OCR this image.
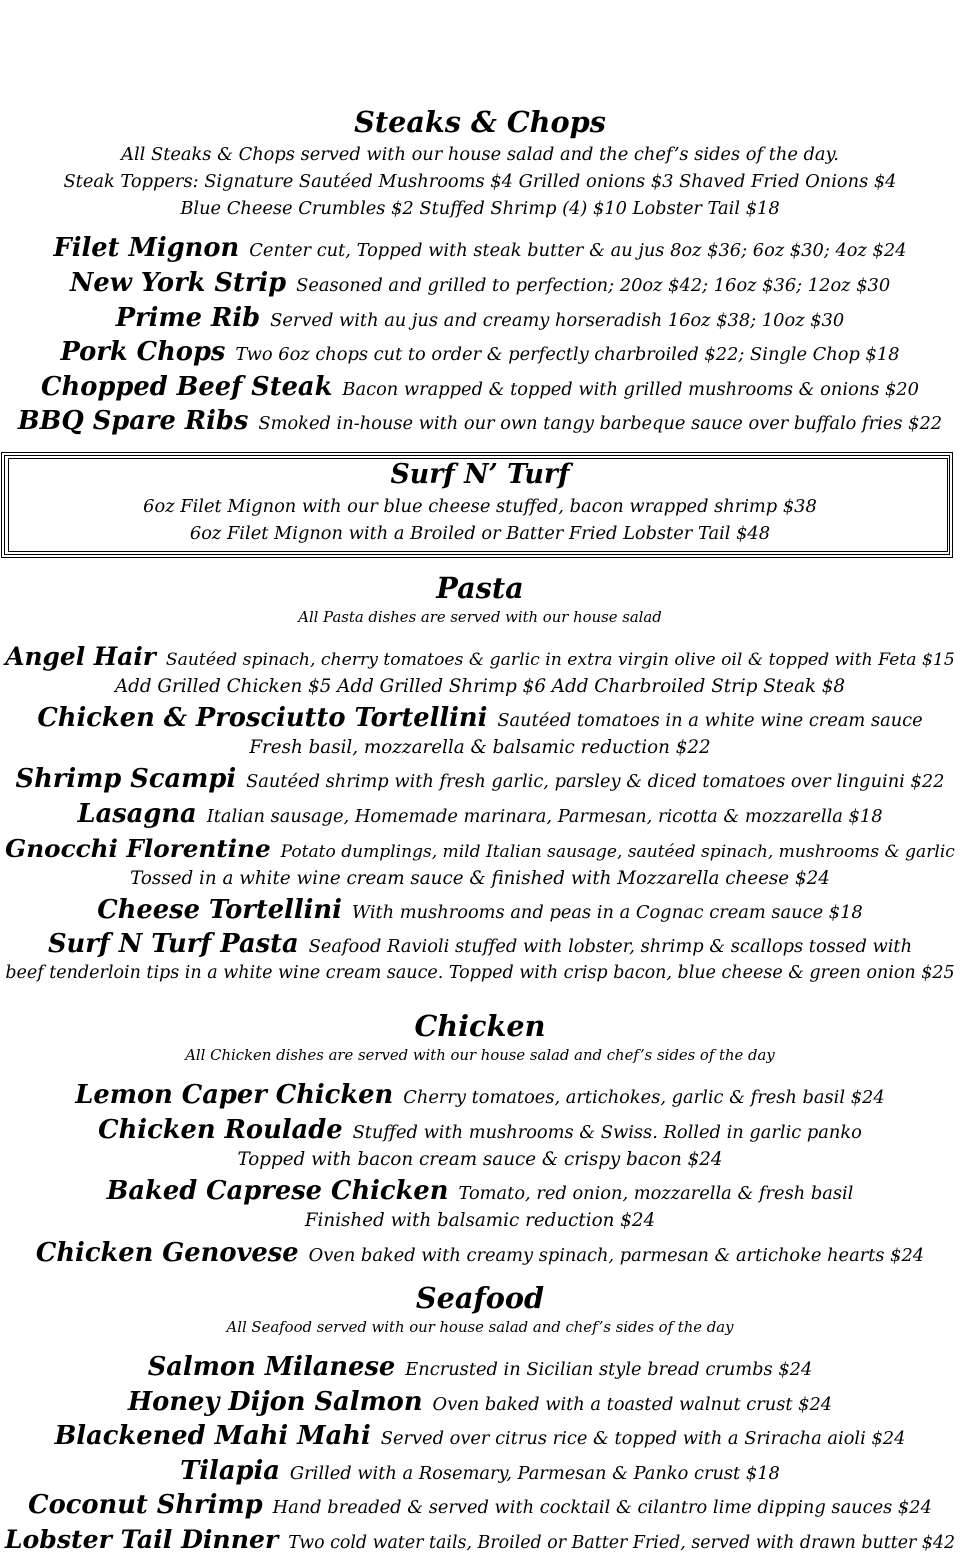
Steaks & Chops
All Steaks & Chops served with our house salad and the chef’s sides of the day.
Steak Toppers: Signature Sautéed Mushrooms $4 Grilled onions $3 Shaved Fried Onions $4
Blue Cheese Crumbles $2 Stuffed Shrimp (4) $10 Lobster Tail $18
Filet Mignon Center cut, Topped with steak butter & au jus 8oz $36; 6oz $30; 4oz $24
New York Strip Seasoned and grilled to perfection; 20oz $42; 16oz $36; 12oz $30
Prime Rib Served with au jus and creamy horseradish 16oz $38; 10oz $30
Pork Chops Two 6oz chops cut to order & perfectly charbroiled $22; Single Chop $18
Chopped Beef Steak Bacon wrapped & topped with grilled mushrooms & onions $20
BBQ Spare Ribs Smoked in-house with our own tangy barbeque sauce over buffalo fries $22
Surf N’ Turf
6oz Filet Mignon with our blue cheese stuffed, bacon wrapped shrimp $38
6oz Filet Mignon with a Broiled or Batter Fried Lobster Tail $48
Pasta
All Pasta dishes are served with our house salad
Angel Hair Sautéed spinach, cherry tomatoes & garlic in extra virgin olive oil & topped with Feta $15
Add Grilled Chicken $5 Add Grilled Shrimp $6 Add Charbroiled Strip Steak $8
Chicken & Prosciutto Tortellini Sautéed tomatoes in a white wine cream sauce
Fresh basil, mozzarella & balsamic reduction $22
Shrimp Scampi Sautéed shrimp with fresh garlic, parsley & diced tomatoes over linguini $22
Lasagna Italian sausage, Homemade marinara, Parmesan, ricotta & mozzarella $18
Gnocchi Florentine Potato dumplings, mild Italian sausage, sautéed spinach, mushrooms & garlic
Tossed in a white wine cream sauce & finished with Mozzarella cheese $24
Cheese Tortellini With mushrooms and peas in a Cognac cream sauce $18
Surf N Turf Pasta Seafood Ravioli stuffed with lobster, shrimp & scallops tossed with
beef tenderloin tips in a white wine cream sauce. Topped with crisp bacon, blue cheese & green onion $25
Chicken
All Chicken dishes are served with our house salad and chef’s sides of the day
Lemon Caper Chicken Cherry tomatoes, artichokes, garlic & fresh basil $24
Chicken Roulade Stuffed with mushrooms & Swiss. Rolled in garlic panko
Topped with bacon cream sauce & crispy bacon $24
Baked Caprese Chicken Tomato, red onion, mozzarella & fresh basil
Finished with balsamic reduction $24
Chicken Genovese Oven baked with creamy spinach, parmesan & artichoke hearts $24
Seafood
All Seafood served with our house salad and chef’s sides of the day
Salmon Milanese Encrusted in Sicilian style bread crumbs $24
Honey Dijon Salmon Oven baked with a toasted walnut crust $24
Blackened Mahi Mahi Served over citrus rice & topped with a Sriracha aioli $24
Tilapia Grilled with a Rosemary, Parmesan & Panko crust $18
Coconut Shrimp Hand breaded & served with cocktail & cilantro lime dipping sauces $24
Lobster Tail Dinner Two cold water tails, Broiled or Batter Fried, served with drawn butter $42
